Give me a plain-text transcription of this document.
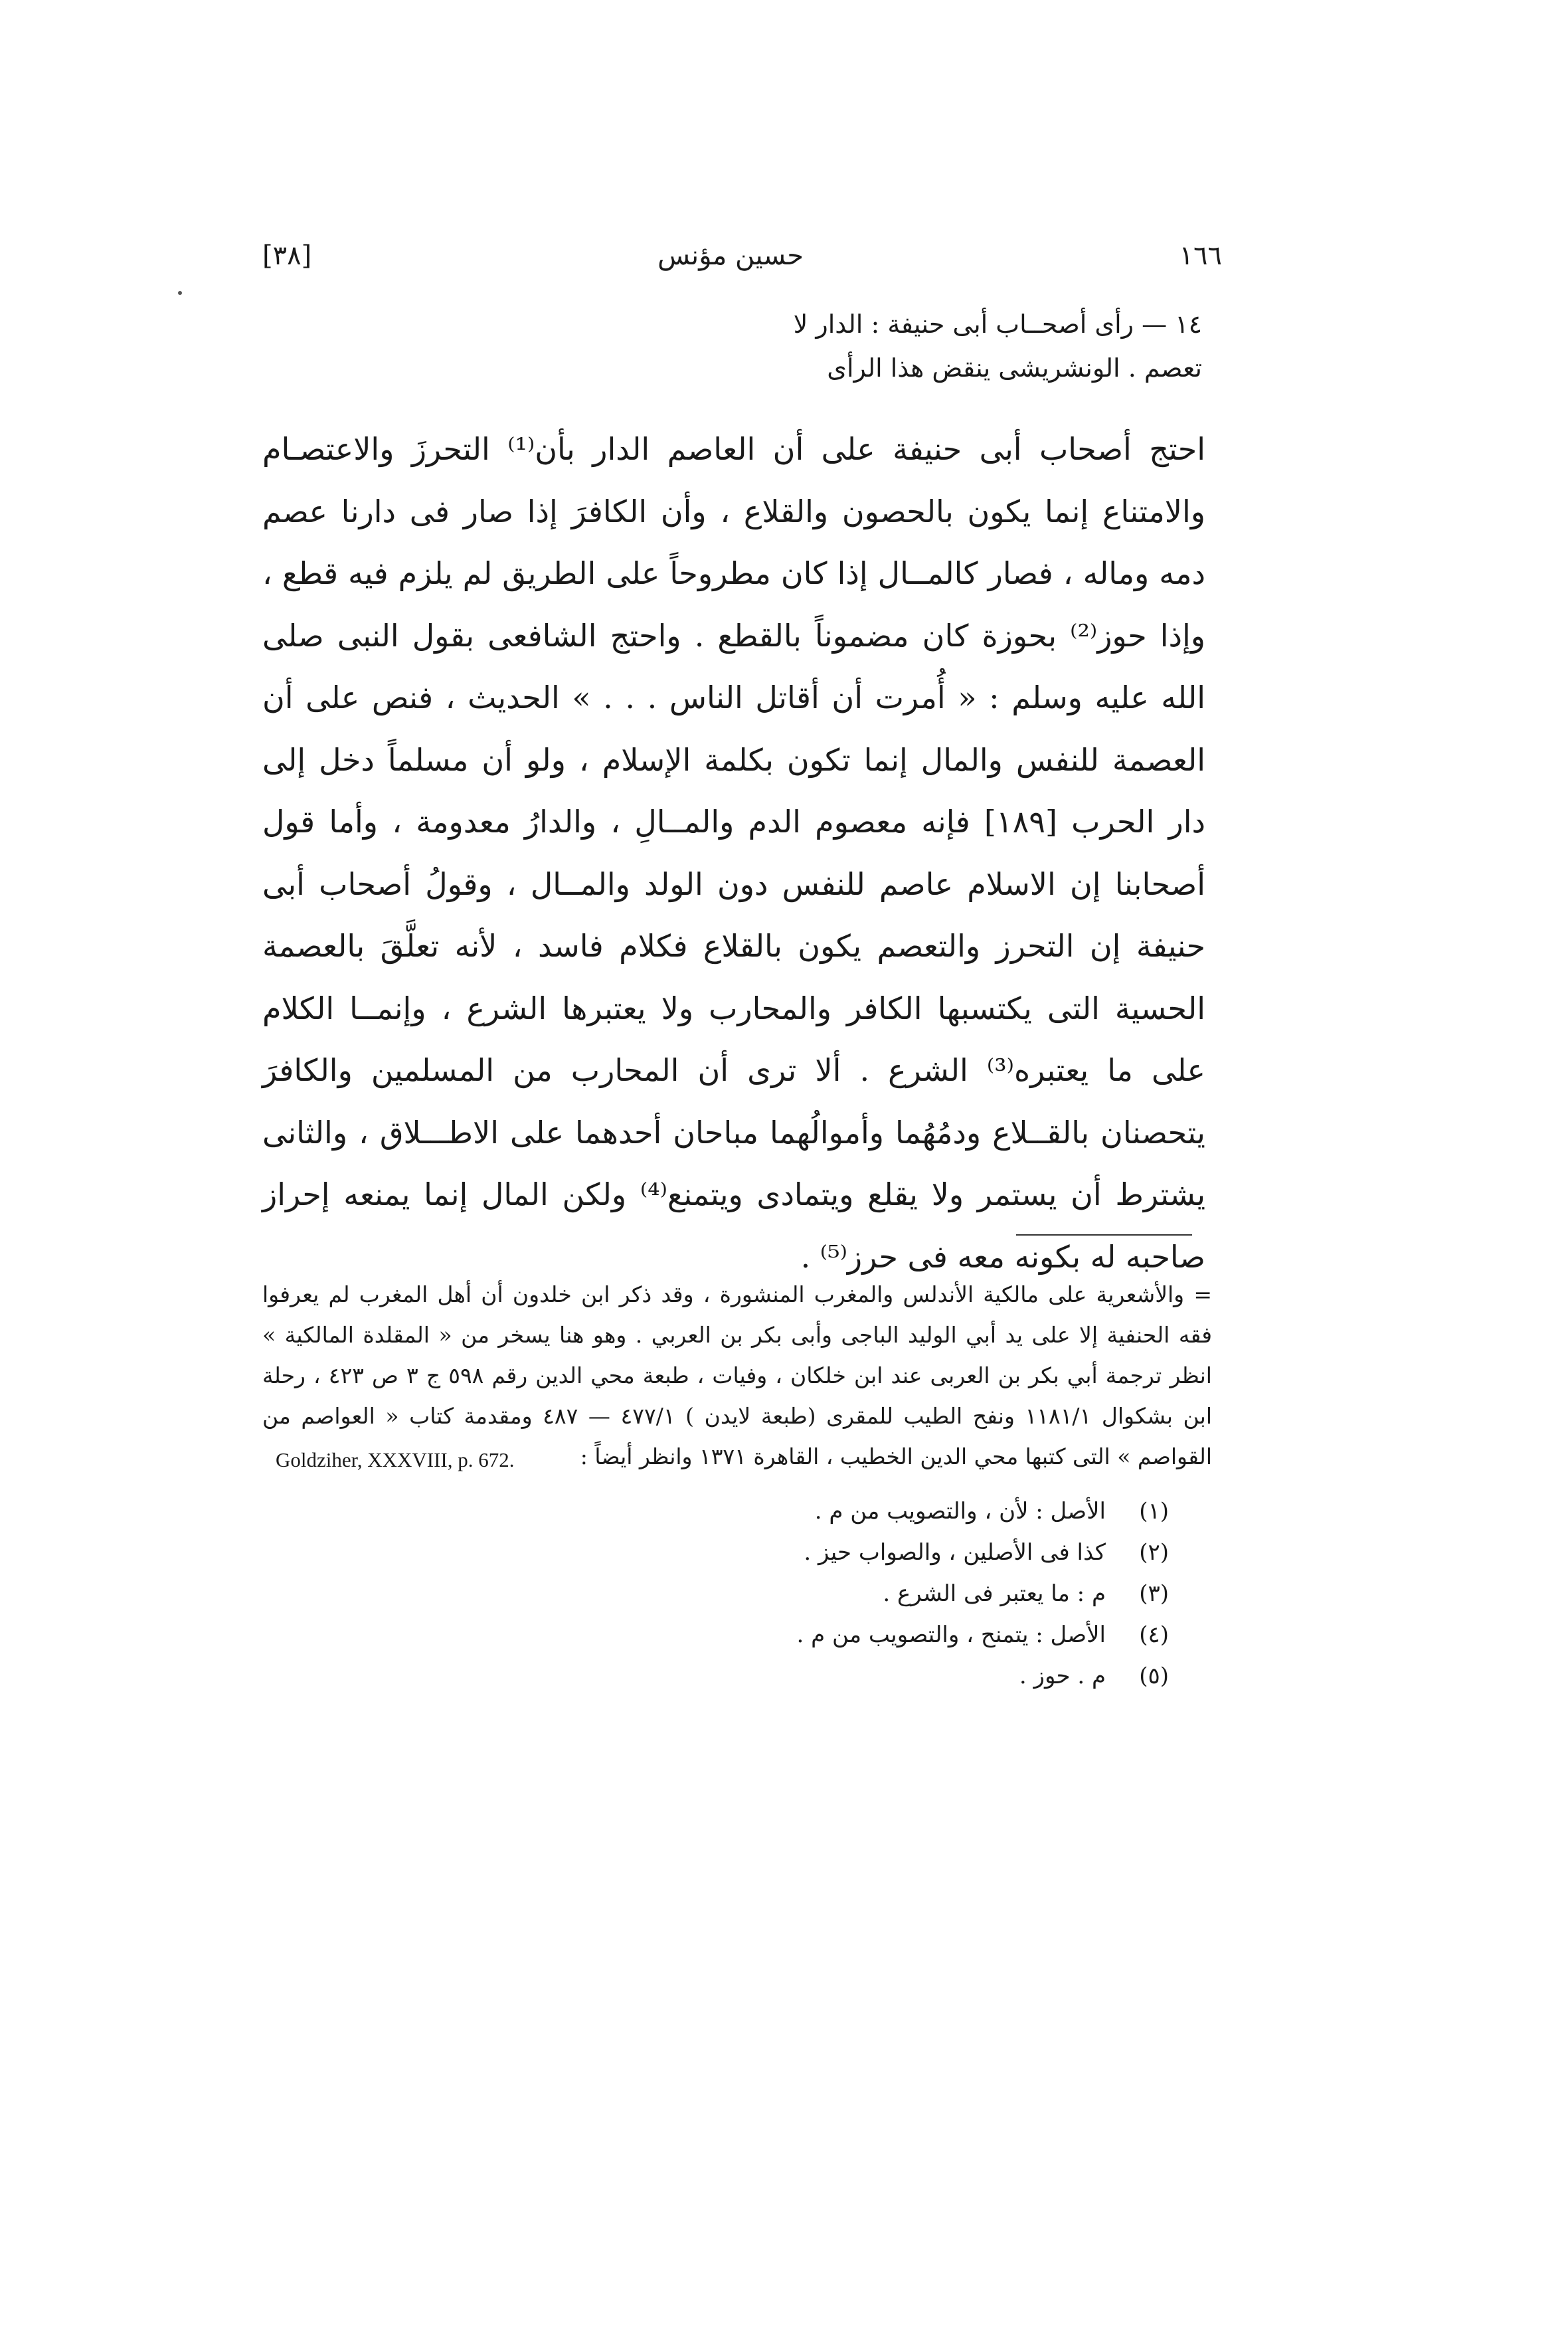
١٦٦
حسين مؤنس
[٣٨]
١٤ — رأى أصحــاب أبى حنيفة : الدار لا
تعصم . الونشريشى ينقض هذا الرأى

احتج أصحاب أبى حنيفة على أن العاصم الدار بأن⁽¹⁾ التحرزَ والاعتصـام والامتناع إنما يكون بالحصون والقلاع ، وأن الكافرَ إذا صار فى دارنا عصم دمه وماله ، فصار كالمــال إذا كان مطروحاً على الطريق لم يلزم فيه قطع ، وإذا حوز⁽²⁾ بحوزة كان مضموناً بالقطع . واحتج الشافعى بقول النبى صلى الله عليه وسلم : « أُمرت أن أقاتل الناس . . . » الحديث ، فنص على أن العصمة للنفس والمال إنما تكون بكلمة الإسلام ، ولو أن مسلماً دخل إلى دار الحرب [١٨٩] فإنه معصوم الدم والمــالِ ، والدارُ معدومة ، وأما قول أصحابنا إن الاسلام عاصم للنفس دون الولد والمــال ، وقولُ أصحاب أبى حنيفة إن التحرز والتعصم يكون بالقلاع فكلام فاسد ، لأنه تعلَّقَ بالعصمة الحسية التى يكتسبها الكافر والمحارب ولا يعتبرها الشرع ، وإنمــا الكلام على ما يعتبره⁽³⁾ الشرع . ألا ترى أن المحارب من المسلمين والكافرَ يتحصنان بالقــلاع ودمُهُما وأموالُهما مباحان أحدهما على الاطـــلاق ، والثانى يشترط أن يستمر ولا يقلع ويتمادى ويتمنع⁽⁴⁾ ولكن المال إنما يمنعه إحراز صاحبه له بكونه معه فى حرز⁽⁵⁾ .

= والأشعرية على مالكية الأندلس والمغرب المنشورة ، وقد ذكر ابن خلدون أن أهل المغرب لم يعرفوا فقه الحنفية إلا على يد أبي الوليد الباجى وأبى بكر بن العربي . وهو هنا يسخر من « المقلدة المالكية » انظر ترجمة أبي بكر بن العربى عند ابن خلكان ، وفيات ، طبعة محي الدين رقم ٥٩٨ ج ٣ ص ٤٢٣ ، رحلة ابن بشكوال ١١٨١/١ ونفح الطيب للمقرى (طبعة لايدن ) ٤٧٧/١ — ٤٨٧ ومقدمة كتاب « العواصم من القواصم » التى كتبها محي الدين الخطيب ، القاهرة ١٣٧١ وانظر أيضاً :

Goldziher, XXXVIII, p. 672.
(١)
الأصل : لأن ، والتصويب من م .
(٢)
كذا فى الأصلين ، والصواب حيز .
(٣)
م : ما يعتبر فى الشرع .
(٤)
الأصل : يتمنح ، والتصويب من م .
(٥)
م . حوز .
